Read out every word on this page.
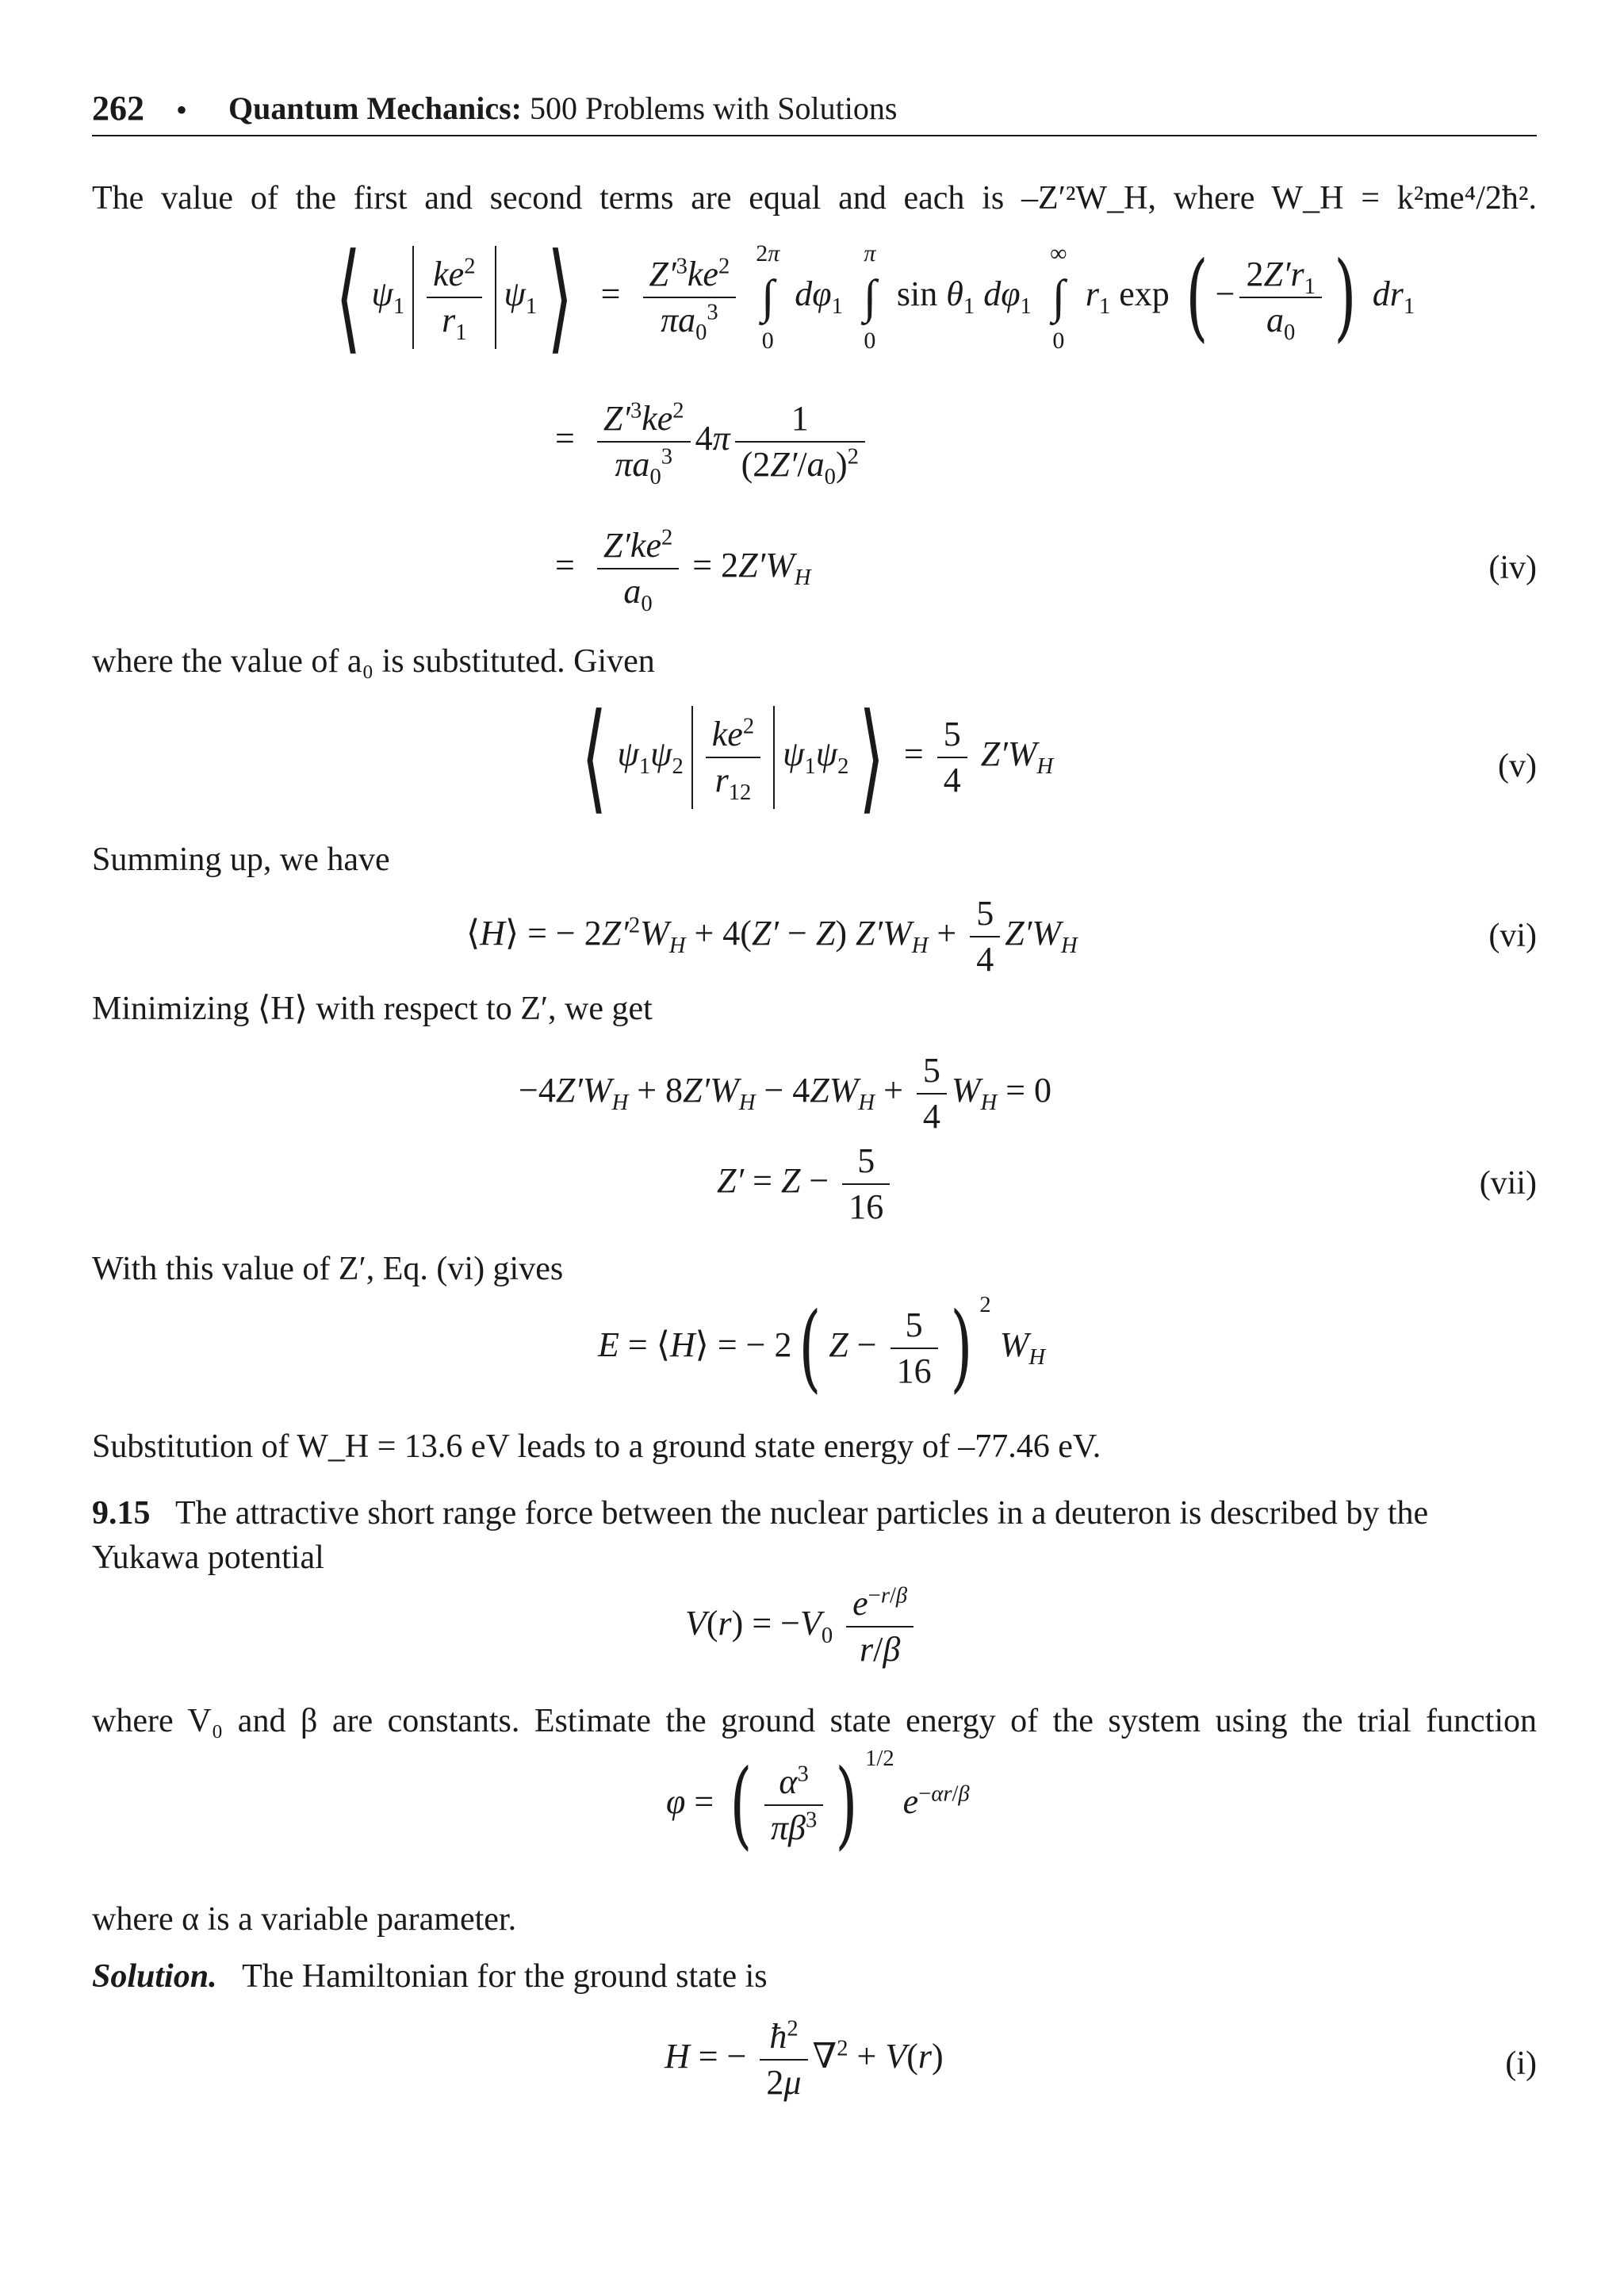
262 • Quantum Mechanics: 500 Problems with Solutions
The value of the first and second terms are equal and each is –Z′²W_H, where W_H = k²me⁴/2ħ².
⟨ $\psi_1 \frac{ke^2}{r_1}$ $\psi_1⟩ = \frac{Z'^3ke^2}{\pi a_0^3}$
2π
∫
0
$d\varphi_1$
π
∫
0
$\sin \theta_1$ $d\varphi_1$
∞
∫
0
$r_1$ exp ( − $\frac{2Z'r_1}{a_0}$ ) $dr_1$
= $\frac{Z'^3ke^2}{\pi a_0^3} 4\pi \frac{1}{(2Z'/a_0)^2}$
= $\frac{Z'ke^2}{a_0} = 2Z'W_H$	(iv)
where the value of a₀ is substituted. Given
⟨ $\psi_1\psi_2 \frac{ke^2}{r_{12}}$ $\psi_1\psi_2⟩ = \frac{5}{4} Z'W_H$	(v)
Summing up, we have
⟨H⟩ = − $2Z'^2W_H + 4(Z' - Z) Z'W_H + \frac{5}{4} Z'W_H$	(vi)
Minimizing ⟨H⟩ with respect to Z′, we get
$-4Z'W_H + 8Z'W_H - 4ZW_H + \frac{5}{4} W_H = 0$
$Z' = Z - \frac{5}{16}$	(vii)
With this value of Z′, Eq. (vi) gives
E = ⟨H⟩ = − 2( $Z - \frac{5}{16}$ ) $^2$ $W_H$
Substitution of W_H = 13.6 eV leads to a ground state energy of –77.46 eV.
9.15 The attractive short range force between the nuclear particles in a deuteron is described by the Yukawa potential
$V(r) = -V_0 \frac{e^{-r/\beta}}{r/\beta}$
where V₀ and β are constants. Estimate the ground state energy of the system using the trial function
φ = ( $\frac{\alpha^3}{\pi\beta^3}$ ) $^{1/2}$ $e^{-\alpha r/\beta}$
where α is a variable parameter.
Solution. The Hamiltonian for the ground state is
H = − $\frac{ħ^2}{2\mu} \nabla^2 + V(r)$	(i)
